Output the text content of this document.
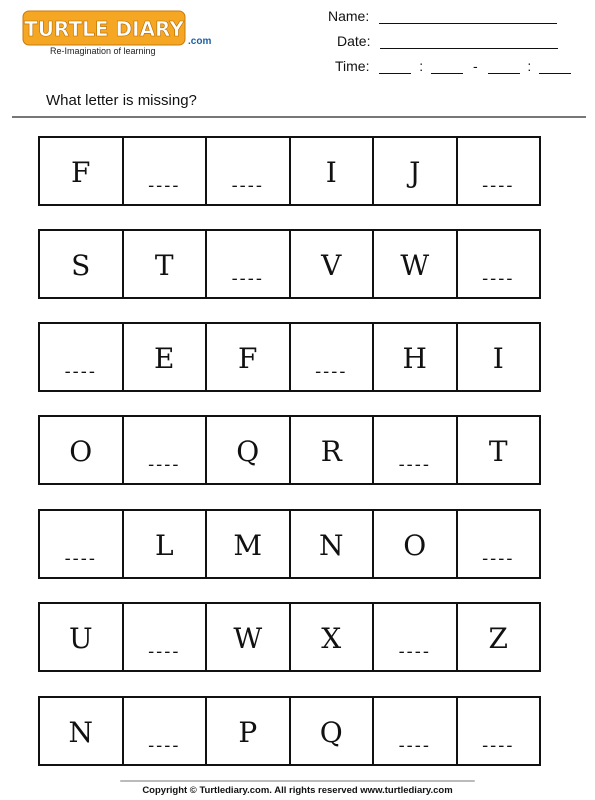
TURTLE DIARY
.com
Re-Imagination of learning
Name:
Date:
Time:	:	-	:
What letter is missing?
F	----	----	I	J	----
S	T	----	V	W	----
----	E	F	----	H	I
O	----	Q	R	----	T
----	L	M	N	O	----
U	----	W	X	----	Z
N	----	P	Q	----	----
Copyright © Turtlediary.com. All rights reserved www.turtlediary.com
